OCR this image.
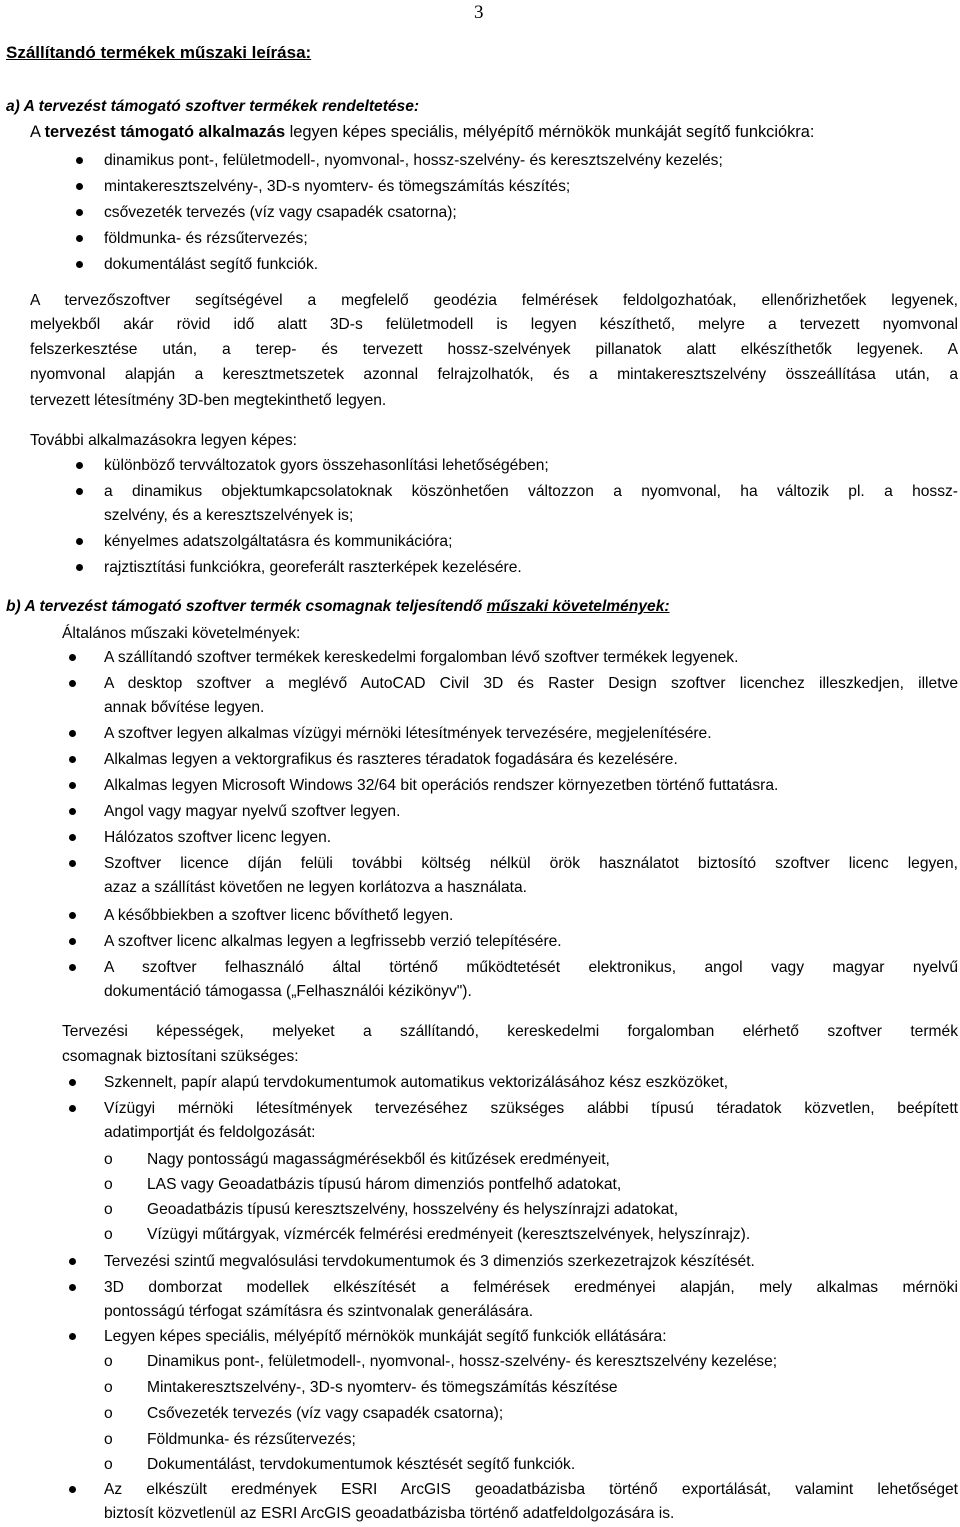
3
Szállítandó termékek műszaki leírása:
a) A tervezést támogató szoftver termékek rendeltetése:
A tervezést támogató alkalmazás legyen képes speciális, mélyépítő mérnökök munkáját segítő funkciókra:
dinamikus pont-, felületmodell-, nyomvonal-, hossz-szelvény- és keresztszelvény kezelés;
mintakeresztszelvény-, 3D-s nyomterv- és tömegszámítás készítés;
csővezeték tervezés (víz vagy csapadék csatorna);
földmunka- és rézsűtervezés;
dokumentálást segítő funkciók.
A tervezőszoftver segítségével a megfelelő geodézia felmérések feldolgozhatóak, ellenőrizhetőek legyenek,
melyekből akár rövid idő alatt 3D-s felületmodell is legyen készíthető, melyre a tervezett nyomvonal
felszerkesztése után, a terep- és tervezett hossz-szelvények pillanatok alatt elkészíthetők legyenek. A
nyomvonal alapján a keresztmetszetek azonnal felrajzolhatók, és a mintakeresztszelvény összeállítása után, a
tervezett létesítmény 3D-ben megtekinthető legyen.
További alkalmazásokra legyen képes:
különböző tervváltozatok gyors összehasonlítási lehetőségében;
a dinamikus objektumkapcsolatoknak köszönhetően változzon a nyomvonal, ha változik pl. a hossz-
szelvény, és a keresztszelvények is;
kényelmes adatszolgáltatásra és kommunikációra;
rajztisztítási funkciókra, georeferált raszterképek kezelésére.
b) A tervezést támogató szoftver termék csomagnak teljesítendő műszaki követelmények:
Általános műszaki követelmények:
A szállítandó szoftver termékek kereskedelmi forgalomban lévő szoftver termékek legyenek.
A desktop szoftver a meglévő AutoCAD Civil 3D és Raster Design szoftver licenchez illeszkedjen, illetve
annak bővítése legyen.
A szoftver legyen alkalmas vízügyi mérnöki létesítmények tervezésére, megjelenítésére.
Alkalmas legyen a vektorgrafikus és raszteres téradatok fogadására és kezelésére.
Alkalmas legyen Microsoft Windows 32/64 bit operációs rendszer környezetben történő futtatásra.
Angol vagy magyar nyelvű szoftver legyen.
Hálózatos szoftver licenc legyen.
Szoftver licence díján felüli további költség nélkül örök használatot biztosító szoftver licenc legyen,
azaz a szállítást követően ne legyen korlátozva a használata.
A későbbiekben a szoftver licenc bővíthető legyen.
A szoftver licenc alkalmas legyen a legfrissebb verzió telepítésére.
A szoftver felhasználó által történő működtetését elektronikus, angol vagy magyar nyelvű
dokumentáció támogassa („Felhasználói kézikönyv").
Tervezési képességek, melyeket a szállítandó, kereskedelmi forgalomban elérhető szoftver termék
csomagnak biztosítani szükséges:
Szkennelt, papír alapú tervdokumentumok automatikus vektorizálásához kész eszközöket,
Vízügyi mérnöki létesítmények tervezéséhez szükséges alábbi típusú téradatok közvetlen, beépített
adatimportját és feldolgozását:
o Nagy pontosságú magasságmérésekből és kitűzések eredményeit,
o LAS vagy Geoadatbázis típusú három dimenziós pontfelhő adatokat,
o Geoadatbázis típusú keresztszelvény, hosszelvény és helyszínrajzi adatokat,
o Vízügyi műtárgyak, vízmércék felmérési eredményeit (keresztszelvények, helyszínrajz).
Tervezési szintű megvalósulási tervdokumentumok és 3 dimenziós szerkezetrajzok készítését.
3D domborzat modellek elkészítését a felmérések eredményei alapján, mely alkalmas mérnöki
pontosságú térfogat számításra és szintvonalak generálására.
Legyen képes speciális, mélyépítő mérnökök munkáját segítő funkciók ellátására:
o Dinamikus pont-, felületmodell-, nyomvonal-, hossz-szelvény- és keresztszelvény kezelése;
o Mintakeresztszelvény-, 3D-s nyomterv- és tömegszámítás készítése
o Csővezeték tervezés (víz vagy csapadék csatorna);
o Földmunka- és rézsűtervezés;
o Dokumentálást, tervdokumentumok késztését segítő funkciók.
Az elkészült eredmények ESRI ArcGIS geoadatbázisba történő exportálását, valamint lehetőséget
biztosít közvetlenül az ESRI ArcGIS geoadatbázisba történő adatfeldolgozására is.
